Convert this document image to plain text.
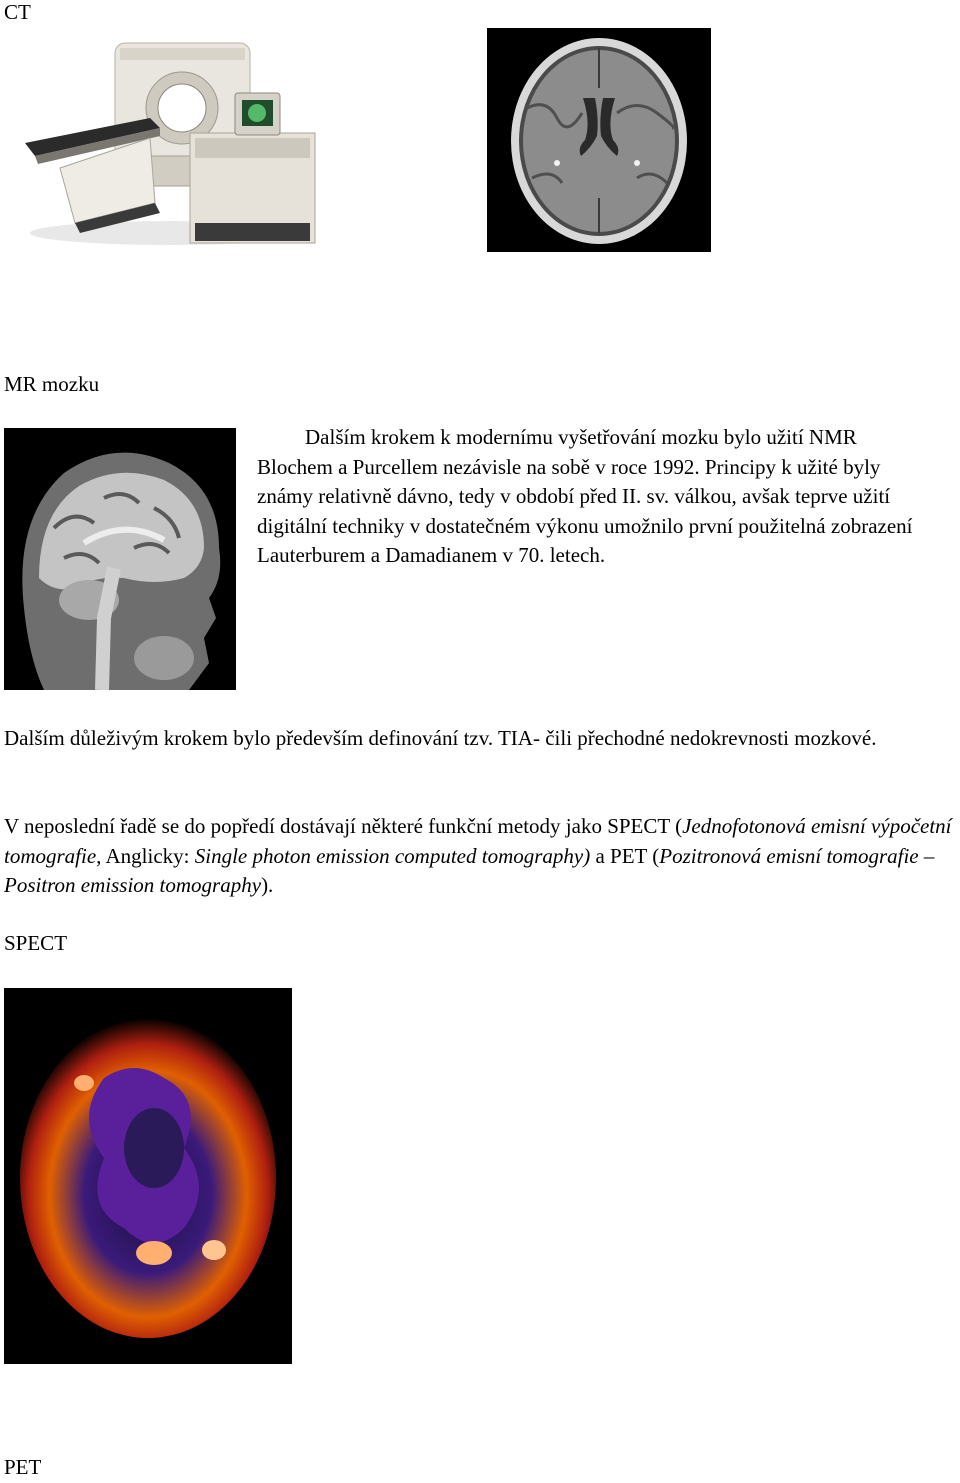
CT
MR mozku

Dalším krokem k modernímu vyšetřování mozku bylo užití NMR Blochem a Purcellem nezávisle na sobě v roce 1992. Principy k užité byly známy relativně dávno, tedy v období před II. sv. válkou, avšak teprve užití digitální techniky v dostatečném výkonu umožnilo první použitelná zobrazení Lauterburem a Damadianem v 70. letech.

Dalším důleživým krokem bylo především definování tzv. TIA- čili přechodné nedokrevnosti mozkové.

V neposlední řadě se do popředí dostávají některé funkční metody jako SPECT (Jednofotonová emisní výpočetní tomografie, Anglicky: Single photon emission computed tomography) a PET (Pozitronová emisní tomografie – Positron emission tomography).

SPECT
PET
